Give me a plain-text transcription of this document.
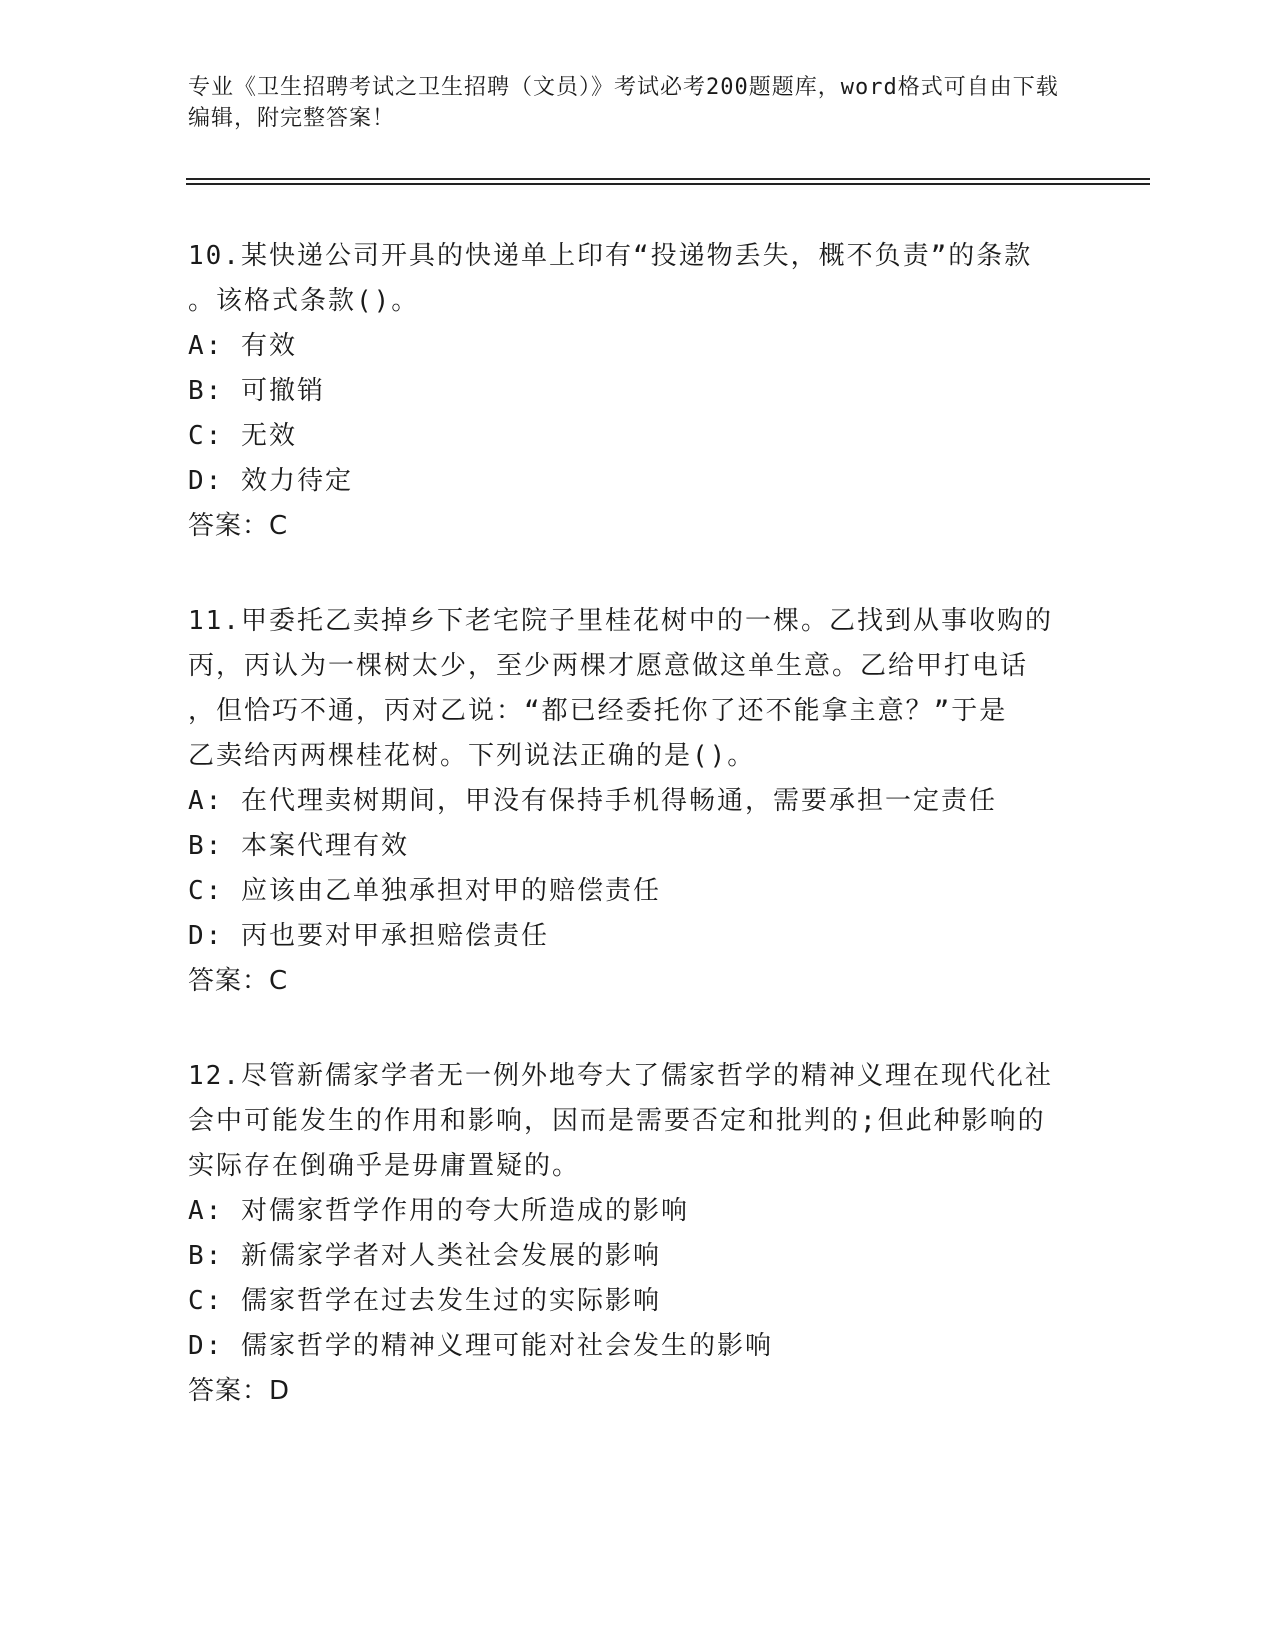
专业《卫生招聘考试之卫生招聘（文员）》考试必考200题题库，word格式可自由下载编辑，附完整答案！
10.某快递公司开具的快递单上印有“投递物丢失，概不负责”的条款
。该格式条款()。
A: 有效
B: 可撤销
C: 无效
D: 效力待定
答案：C
11.甲委托乙卖掉乡下老宅院子里桂花树中的一棵。乙找到从事收购的
丙，丙认为一棵树太少，至少两棵才愿意做这单生意。乙给甲打电话
，但恰巧不通，丙对乙说：“都已经委托你了还不能拿主意？”于是
乙卖给丙两棵桂花树。下列说法正确的是()。
A: 在代理卖树期间，甲没有保持手机得畅通，需要承担一定责任
B: 本案代理有效
C: 应该由乙单独承担对甲的赔偿责任
D: 丙也要对甲承担赔偿责任
答案：C
12.尽管新儒家学者无一例外地夸大了儒家哲学的精神义理在现代化社
会中可能发生的作用和影响，因而是需要否定和批判的;但此种影响的
实际存在倒确乎是毋庸置疑的。
A: 对儒家哲学作用的夸大所造成的影响
B: 新儒家学者对人类社会发展的影响
C: 儒家哲学在过去发生过的实际影响
D: 儒家哲学的精神义理可能对社会发生的影响
答案：D
